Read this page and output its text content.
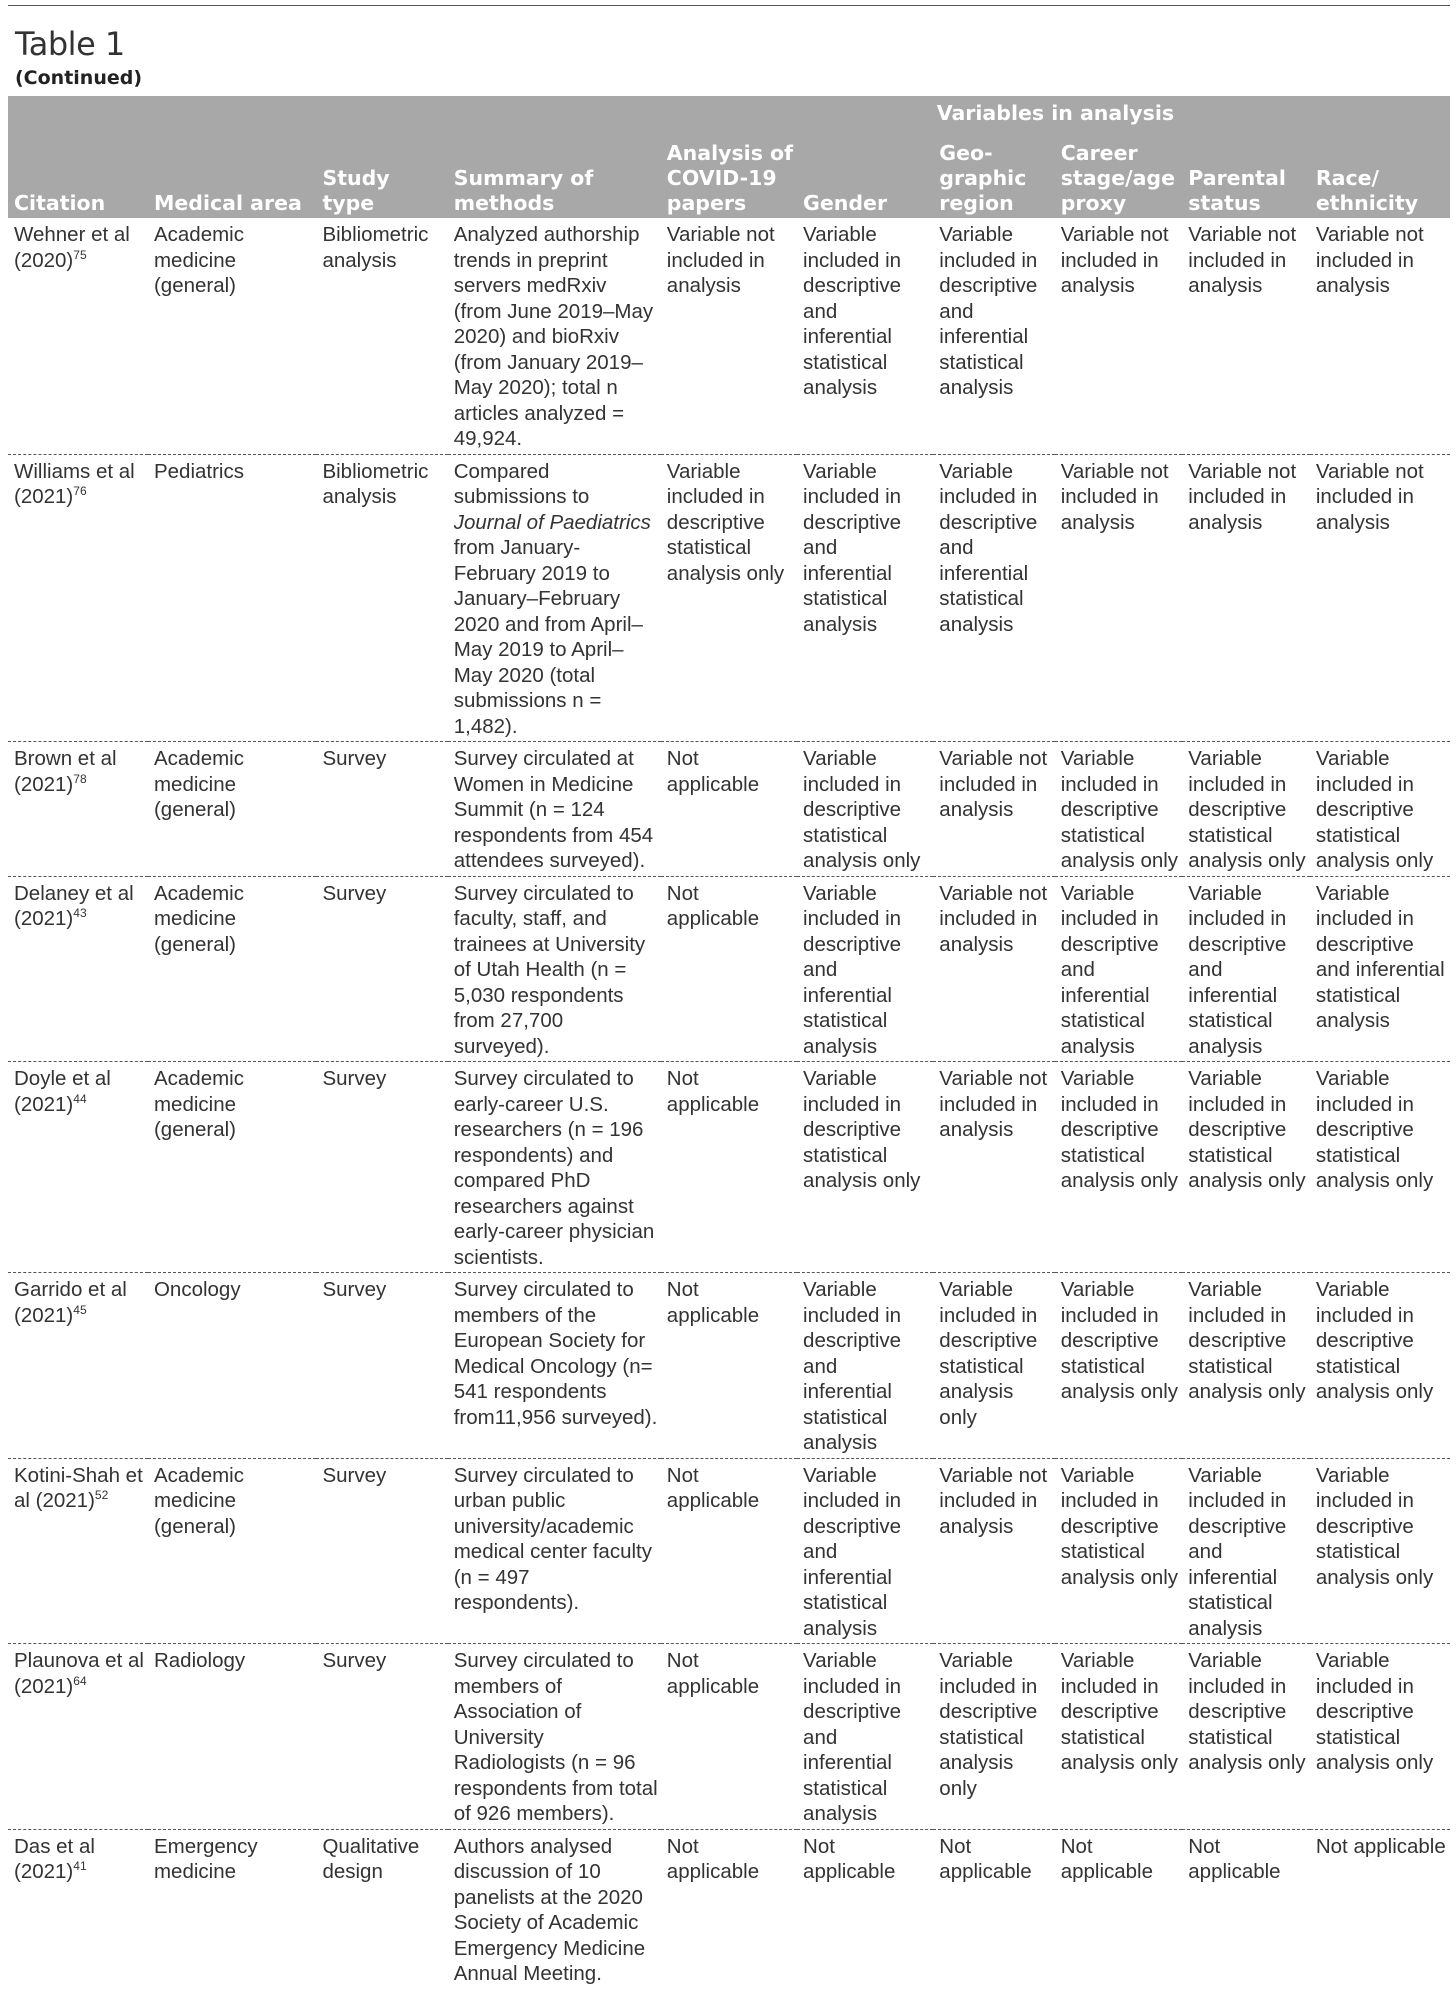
Table 1
(Continued)
				Variables in analysis					
Citation	Medical area	Study type	Summary of methods	Analysis of COVID-19 papers	Gender	Geo-graphic region	Career stage/age proxy	Parental status	Race/ ethnicity
Wehner et al $(2020)^{75}$	Academic medicine (general)	Bibliometric analysis	Analyzed authorship trends in preprint servers medRxiv (from June 2019–May 2020) and bioRxiv (from January 2019–May 2020); total n articles analyzed = 49,924.	Variable not included in analysis	Variable included in descriptive and inferential statistical analysis	Variable included in descriptive and inferential statistical analysis	Variable not included in analysis	Variable not included in analysis	Variable not included in analysis
Williams et al $(2021)^{76}$	Pediatrics	Bibliometric analysis	Compared submissions to Journal of Paediatrics from January-February 2019 to January–February 2020 and from April–May 2019 to April–May 2020 (total submissions n = 1,482).	Variable included in descriptive statistical analysis only	Variable included in descriptive and inferential statistical analysis	Variable included in descriptive and inferential statistical analysis	Variable not included in analysis	Variable not included in analysis	Variable not included in analysis
Brown et al $(2021)^{78}$	Academic medicine (general)	Survey	Survey circulated at Women in Medicine Summit (n = 124 respondents from 454 attendees surveyed).	Not applicable	Variable included in descriptive statistical analysis only	Variable not included in analysis	Variable included in descriptive statistical analysis only	Variable included in descriptive statistical analysis only	Variable included in descriptive statistical analysis only
Delaney et al $(2021)^{43}$	Academic medicine (general)	Survey	Survey circulated to faculty, staff, and trainees at University of Utah Health (n = 5,030 respondents from 27,700 surveyed).	Not applicable	Variable included in descriptive and inferential statistical analysis	Variable not included in analysis	Variable included in descriptive and inferential statistical analysis	Variable included in descriptive and inferential statistical analysis	Variable included in descriptive and inferential statistical analysis
Doyle et al $(2021)^{44}$	Academic medicine (general)	Survey	Survey circulated to early-career U.S. researchers (n = 196 respondents) and compared PhD researchers against early-career physician scientists.	Not applicable	Variable included in descriptive statistical analysis only	Variable not included in analysis	Variable included in descriptive statistical analysis only	Variable included in descriptive statistical analysis only	Variable included in descriptive statistical analysis only
Garrido et al $(2021)^{45}$	Oncology	Survey	Survey circulated to members of the European Society for Medical Oncology (n= 541 respondents from11,956 surveyed).	Not applicable	Variable included in descriptive and inferential statistical analysis	Variable included in descriptive statistical analysis only	Variable included in descriptive statistical analysis only	Variable included in descriptive statistical analysis only	Variable included in descriptive statistical analysis only
Kotini-Shah et al $(2021)^{52}$	Academic medicine (general)	Survey	Survey circulated to urban public university/academic medical center faculty (n = 497 respondents).	Not applicable	Variable included in descriptive and inferential statistical analysis	Variable not included in analysis	Variable included in descriptive statistical analysis only	Variable included in descriptive and inferential statistical analysis	Variable included in descriptive statistical analysis only
Plaunova et al $(2021)^{64}$	Radiology	Survey	Survey circulated to members of Association of University Radiologists (n = 96 respondents from total of 926 members).	Not applicable	Variable included in descriptive and inferential statistical analysis	Variable included in descriptive statistical analysis only	Variable included in descriptive statistical analysis only	Variable included in descriptive statistical analysis only	Variable included in descriptive statistical analysis only
Das et al $(2021)^{41}$	Emergency medicine	Qualitative design	Authors analysed discussion of 10 panelists at the 2020 Society of Academic Emergency Medicine Annual Meeting.	Not applicable	Not applicable	Not applicable	Not applicable	Not applicable	Not applicable
